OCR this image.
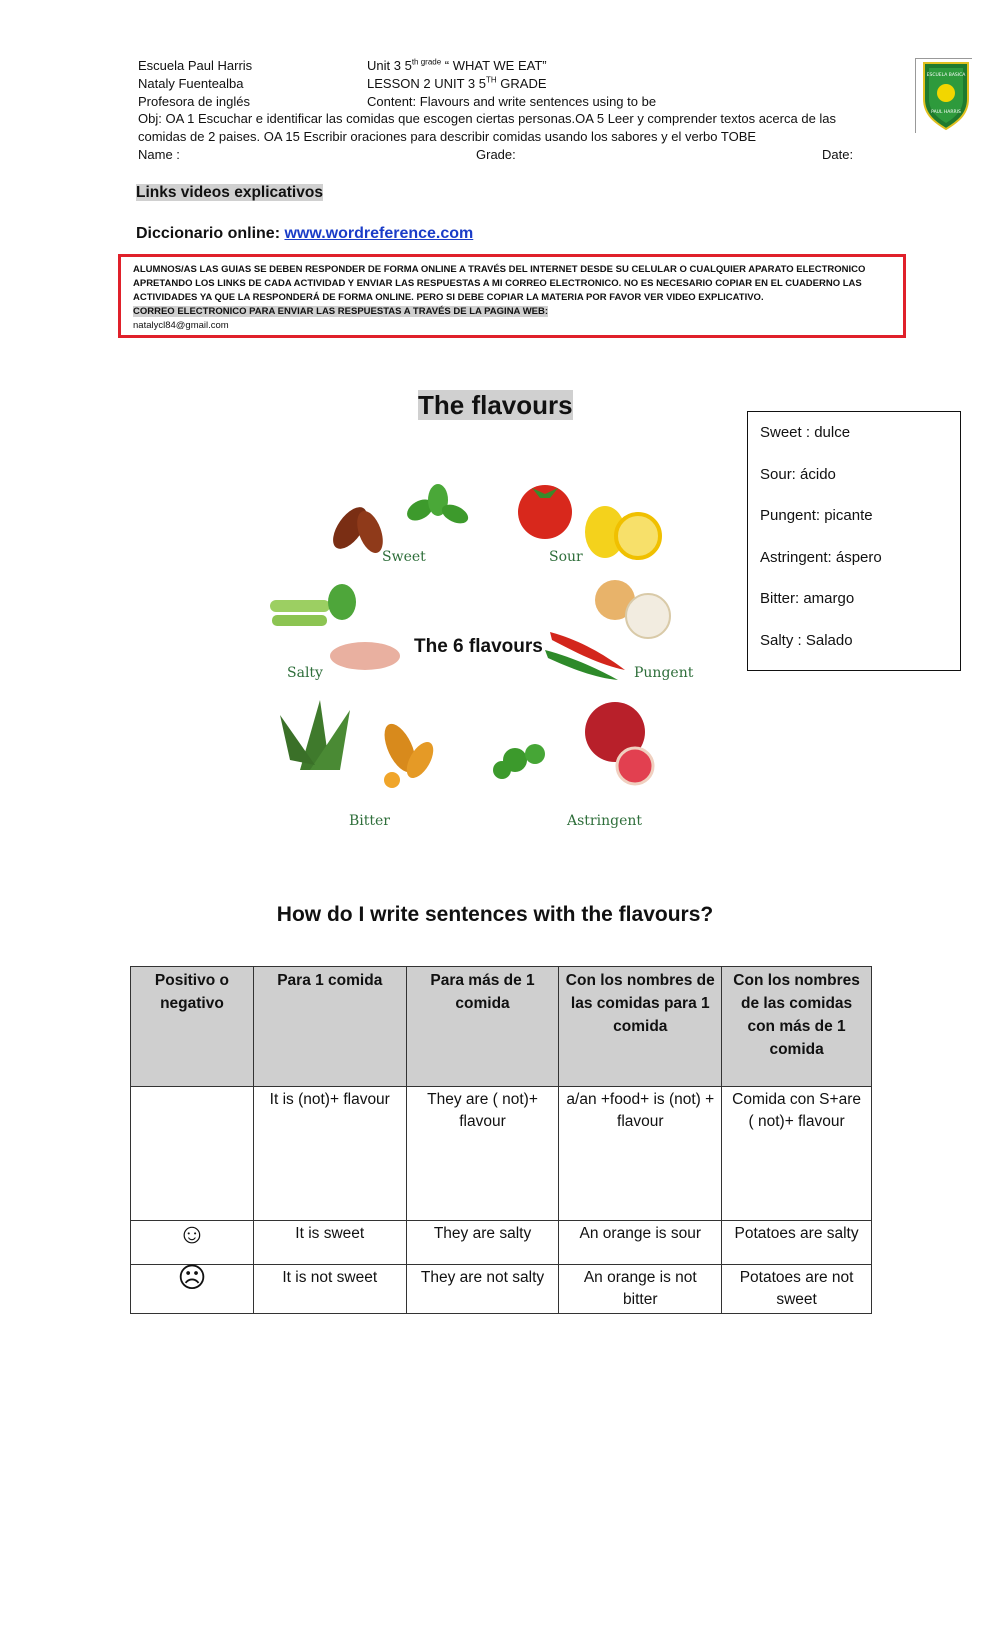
Escuela Paul Harris
Nataly Fuentealba
Profesora de inglés
Unit 3 $5^{th grade}$ “ WHAT WE EAT”
LESSON 2 UNIT 3 5TH GRADE
Content: Flavours and write sentences using to be
Obj: OA 1 Escuchar e identificar las comidas que escogen ciertas personas.OA 5 Leer y comprender textos acerca de las
comidas de 2 paises. OA 15 Escribir oraciones para describir comidas usando los sabores y el verbo TOBE
Name :	Grade:	Date:
ESCUELA BASICA
PAUL HARRIS
Links videos explicativos
Diccionario online: www.wordreference.com
ALUMNOS/AS LAS GUIAS SE DEBEN RESPONDER DE FORMA ONLINE A TRAVÉS DEL INTERNET DESDE SU CELULAR O CUALQUIER APARATO ELECTRONICO
APRETANDO LOS LINKS DE CADA ACTIVIDAD Y ENVIAR LAS RESPUESTAS A MI CORREO ELECTRONICO. NO ES NECESARIO COPIAR EN EL CUADERNO LAS
ACTIVIDADES YA QUE LA RESPONDERÁ DE FORMA ONLINE. PERO SI DEBE COPIAR LA MATERIA POR FAVOR VER VIDEO EXPLICATIVO.
CORREO ELECTRONICO PARA ENVIAR LAS RESPUESTAS A TRAVÉS DE LA PAGINA WEB:
natalycl84@gmail.com
The flavours
Sweet : dulce
Sour: ácido
Pungent: picante
Astringent: áspero
Bitter: amargo
Salty : Salado
Sweet	Sour
Salty	Pungent
Bitter	Astringent
The 6 flavours
How do I write sentences with the flavours?
Positivo o negativo	Para 1 comida	Para más de 1 comida	Con los nombres de las comidas para 1 comida	Con los nombres de las comidas con más de 1 comida
	It is (not)+ flavour	They are ( not)+ flavour	a/an +food+ is (not) + flavour	Comida con S+are ( not)+ flavour
☺	It is sweet	They are salty	An orange is sour	Potatoes are salty
☹	It is not sweet	They are not salty	An orange is not bitter	Potatoes are not sweet
